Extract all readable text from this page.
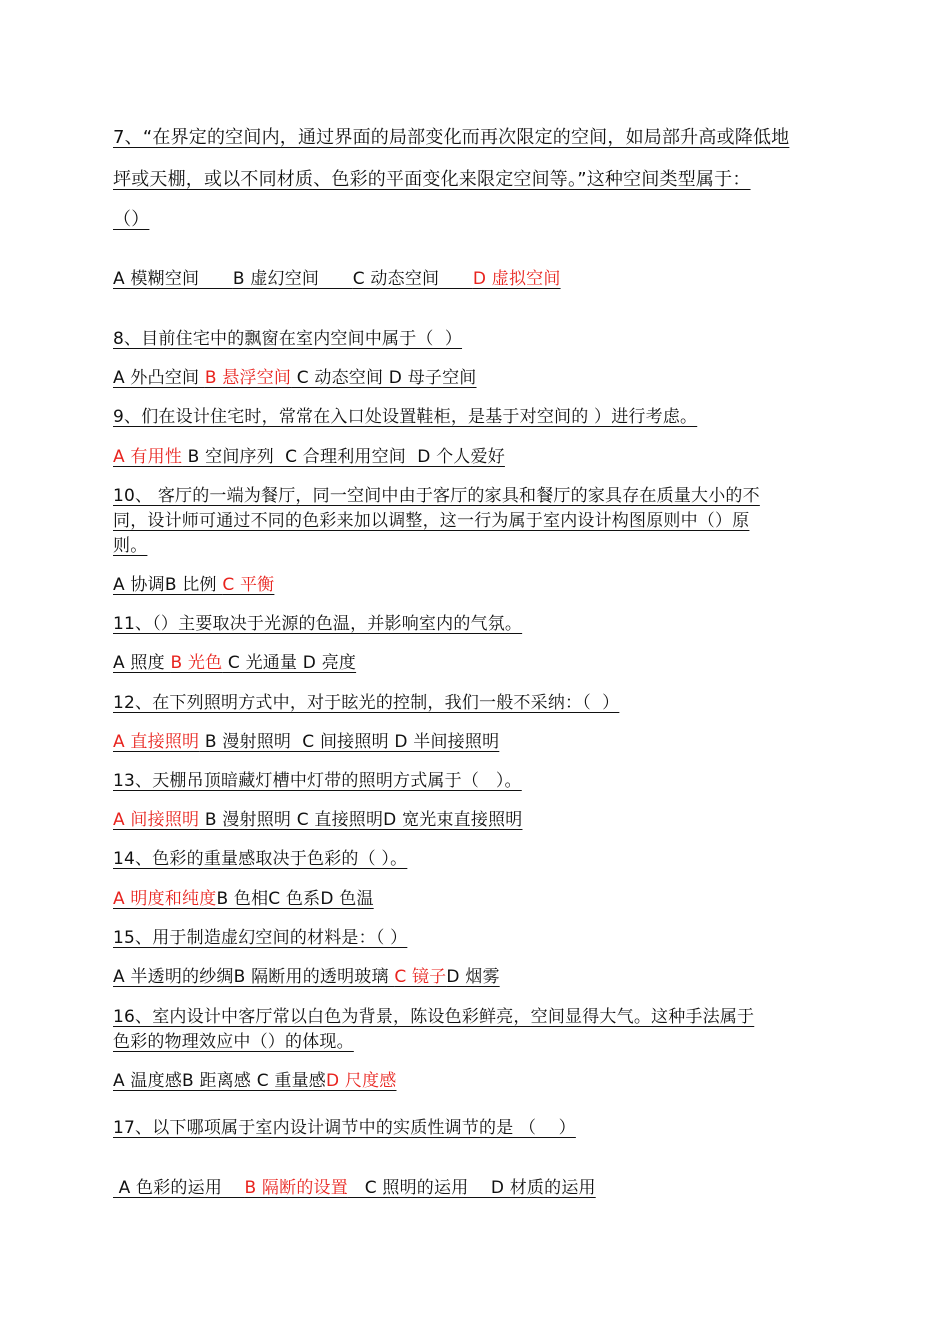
7、“在界定的空间内，通过界面的局部变化而再次限定的空间，如局部升高或降低地
坪或天棚，或以不同材质、色彩的平面变化来限定空间等。”这种空间类型属于：
（）
A 模糊空间      B 虚幻空间      C 动态空间      D 虚拟空间
8、目前住宅中的飘窗在室内空间中属于（  ）
A 外凸空间 B 悬浮空间 C 动态空间 D 母子空间
9、们在设计住宅时，常常在入口处设置鞋柜，是基于对空间的 ）进行考虑。
A 有用性 B 空间序列  C 合理利用空间  D 个人爱好
10、 客厅的一端为餐厅，同一空间中由于客厅的家具和餐厅的家具存在质量大小的不
同，设计师可通过不同的色彩来加以调整，这一行为属于室内设计构图原则中（）原
则。
A 协调B 比例 C 平衡
11、（）主要取决于光源的色温，并影响室内的气氛。
A 照度 B 光色 C 光通量 D 亮度
12、在下列照明方式中，对于眩光的控制，我们一般不采纳：（  ）
A 直接照明 B 漫射照明  C 间接照明 D 半间接照明
13、天棚吊顶暗藏灯槽中灯带的照明方式属于（   ）。
A 间接照明 B 漫射照明 C 直接照明D 宽光束直接照明
14、色彩的重量感取决于色彩的（ ）。
A 明度和纯度B 色相C 色系D 色温
15、用于制造虚幻空间的材料是：（ ）
A 半透明的纱绸B 隔断用的透明玻璃 C 镜子D 烟雾
16、室内设计中客厅常以白色为背景，陈设色彩鲜亮，空间显得大气。这种手法属于
色彩的物理效应中（）的体现。
A 温度感B 距离感 C 重量感D 尺度感
17、以下哪项属于室内设计调节中的实质性调节的是 （    ）
A 色彩的运用    B 隔断的设置   C 照明的运用    D 材质的运用
